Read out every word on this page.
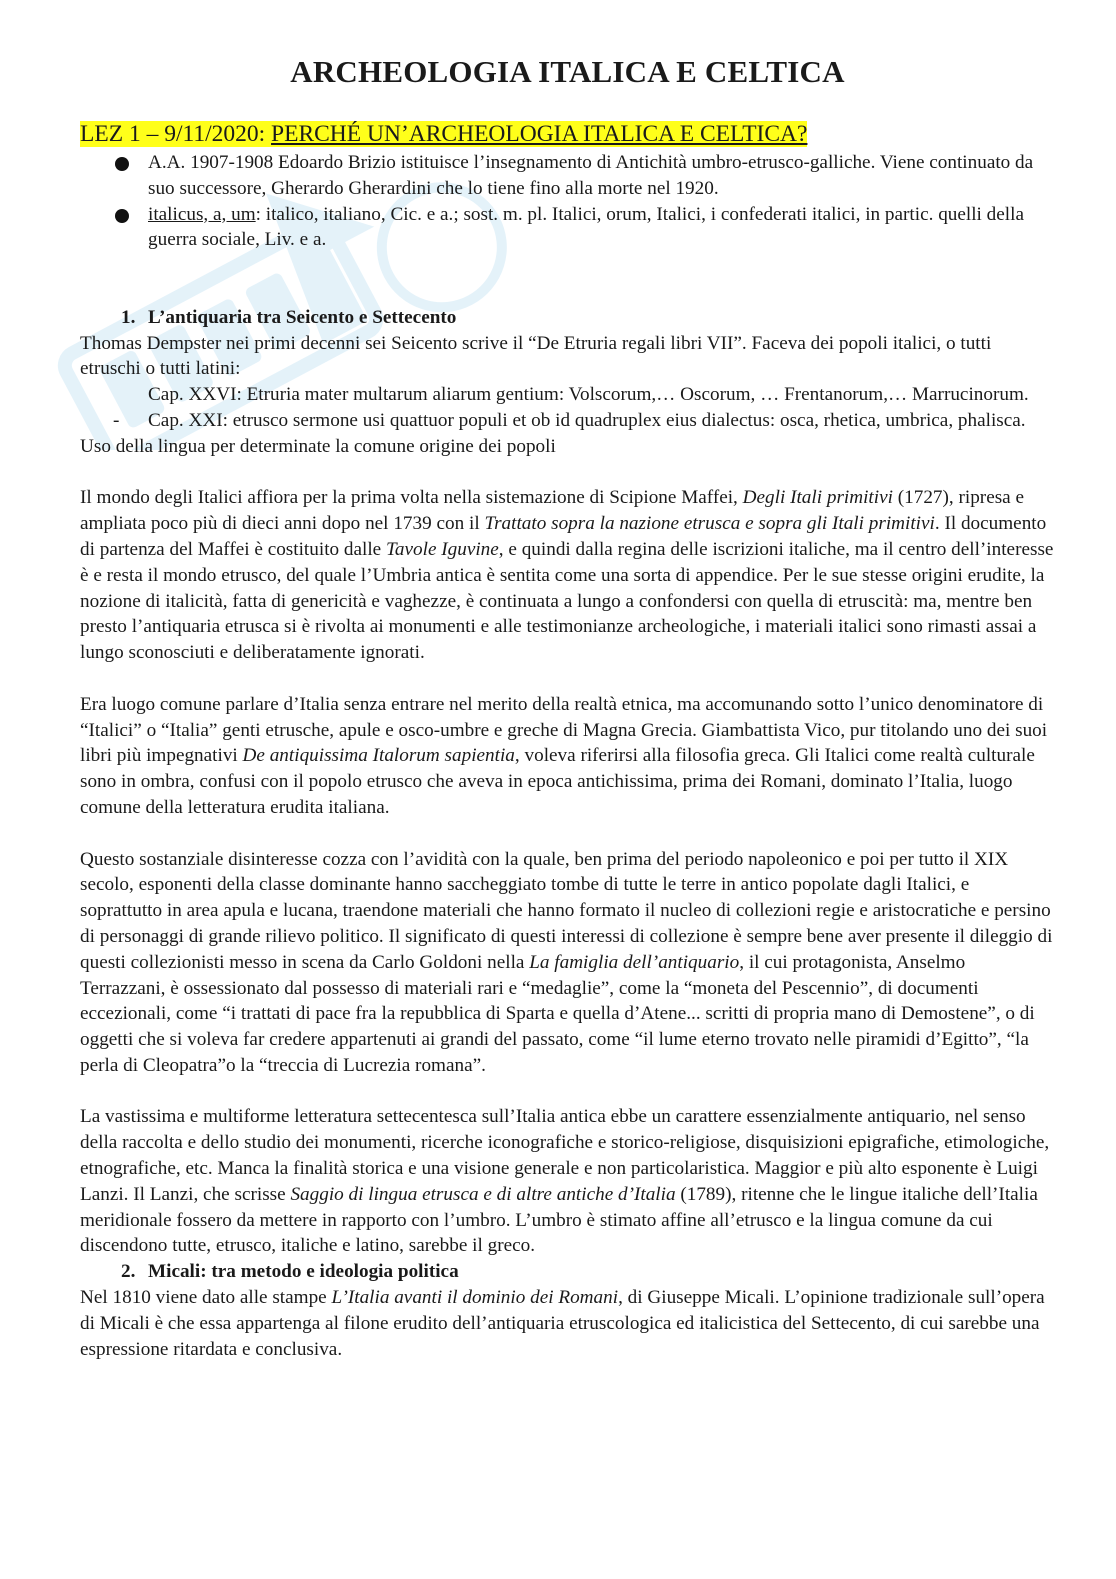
ARCHEOLOGIA ITALICA E CELTICA

LEZ 1 – 9/11/2020: PERCHÉ UN’ARCHEOLOGIA ITALICA E CELTICA?

A.A. 1907-1908 Edoardo Brizio istituisce l’insegnamento di Antichità umbro-etrusco-galliche. Viene continuato da suo successore, Gherardo Gherardini che lo tiene fino alla morte nel 1920.
italicus, a, um: italico, italiano, Cic. e a.; sost. m. pl. Italici, orum, Italici, i confederati italici, in partic. quelli della guerra sociale, Liv. e a.

1. L’antiquaria tra Seicento e Settecento

Thomas Dempster nei primi decenni sei Seicento scrive il “De Etruria regali libri VII”. Faceva dei popoli italici, o tutti etruschi o tutti latini:

Cap. XXVI: Etruria mater multarum aliarum gentium: Volscorum,… Oscorum, … Frentanorum,… Marrucinorum.

- Cap. XXI: etrusco sermone usi quattuor populi et ob id quadruplex eius dialectus: osca, rhetica, umbrica, phalisca.

Uso della lingua per determinate la comune origine dei popoli

Il mondo degli Italici affiora per la prima volta nella sistemazione di Scipione Maffei, Degli Itali primitivi (1727), ripresa e ampliata poco più di dieci anni dopo nel 1739 con il Trattato sopra la nazione etrusca e sopra gli Itali primitivi. Il documento di partenza del Maffei è costituito dalle Tavole Iguvine, e quindi dalla regina delle iscrizioni italiche, ma il centro dell’interesse è e resta il mondo etrusco, del quale l’Umbria antica è sentita come una sorta di appendice. Per le sue stesse origini erudite, la nozione di italicità, fatta di genericità e vaghezze, è continuata a lungo a confondersi con quella di etruscità: ma, mentre ben presto l’antiquaria etrusca si è rivolta ai monumenti e alle testimonianze archeologiche, i materiali italici sono rimasti assai a lungo sconosciuti e deliberatamente ignorati.

Era luogo comune parlare d’Italia senza entrare nel merito della realtà etnica, ma accomunando sotto l’unico denominatore di “Italici” o “Italia” genti etrusche, apule e osco-umbre e greche di Magna Grecia. Giambattista Vico, pur titolando uno dei suoi libri più impegnativi De antiquissima Italorum sapientia, voleva riferirsi alla filosofia greca. Gli Italici come realtà culturale sono in ombra, confusi con il popolo etrusco che aveva in epoca antichissima, prima dei Romani, dominato l’Italia, luogo comune della letteratura erudita italiana.

Questo sostanziale disinteresse cozza con l’avidità con la quale, ben prima del periodo napoleonico e poi per tutto il XIX secolo, esponenti della classe dominante hanno saccheggiato tombe di tutte le terre in antico popolate dagli Italici, e soprattutto in area apula e lucana, traendone materiali che hanno formato il nucleo di collezioni regie e aristocratiche e persino di personaggi di grande rilievo politico. Il significato di questi interessi di collezione è sempre bene aver presente il dileggio di questi collezionisti messo in scena da Carlo Goldoni nella La famiglia dell’antiquario, il cui protagonista, Anselmo Terrazzani, è ossessionato dal possesso di materiali rari e “medaglie”, come la “moneta del Pescennio”, di documenti eccezionali, come “i trattati di pace fra la repubblica di Sparta e quella d’Atene... scritti di propria mano di Demostene”, o di oggetti che si voleva far credere appartenuti ai grandi del passato, come “il lume eterno trovato nelle piramidi d’Egitto”, “la perla di Cleopatra”o la “treccia di Lucrezia romana”.

La vastissima e multiforme letteratura settecentesca sull’Italia antica ebbe un carattere essenzialmente antiquario, nel senso della raccolta e dello studio dei monumenti, ricerche iconografiche e storico-religiose, disquisizioni epigrafiche, etimologiche, etnografiche, etc. Manca la finalità storica e una visione generale e non particolaristica. Maggior e più alto esponente è Luigi Lanzi. Il Lanzi, che scrisse Saggio di lingua etrusca e di altre antiche d’Italia (1789), ritenne che le lingue italiche dell’Italia meridionale fossero da mettere in rapporto con l’umbro. L’umbro è stimato affine all’etrusco e la lingua comune da cui discendono tutte, etrusco, italiche e latino, sarebbe il greco.

2. Micali: tra metodo e ideologia politica

Nel 1810 viene dato alle stampe L’Italia avanti il dominio dei Romani, di Giuseppe Micali. L’opinione tradizionale sull’opera di Micali è che essa appartenga al filone erudito dell’antiquaria etruscologica ed italicistica del Settecento, di cui sarebbe una espressione ritardata e conclusiva.
